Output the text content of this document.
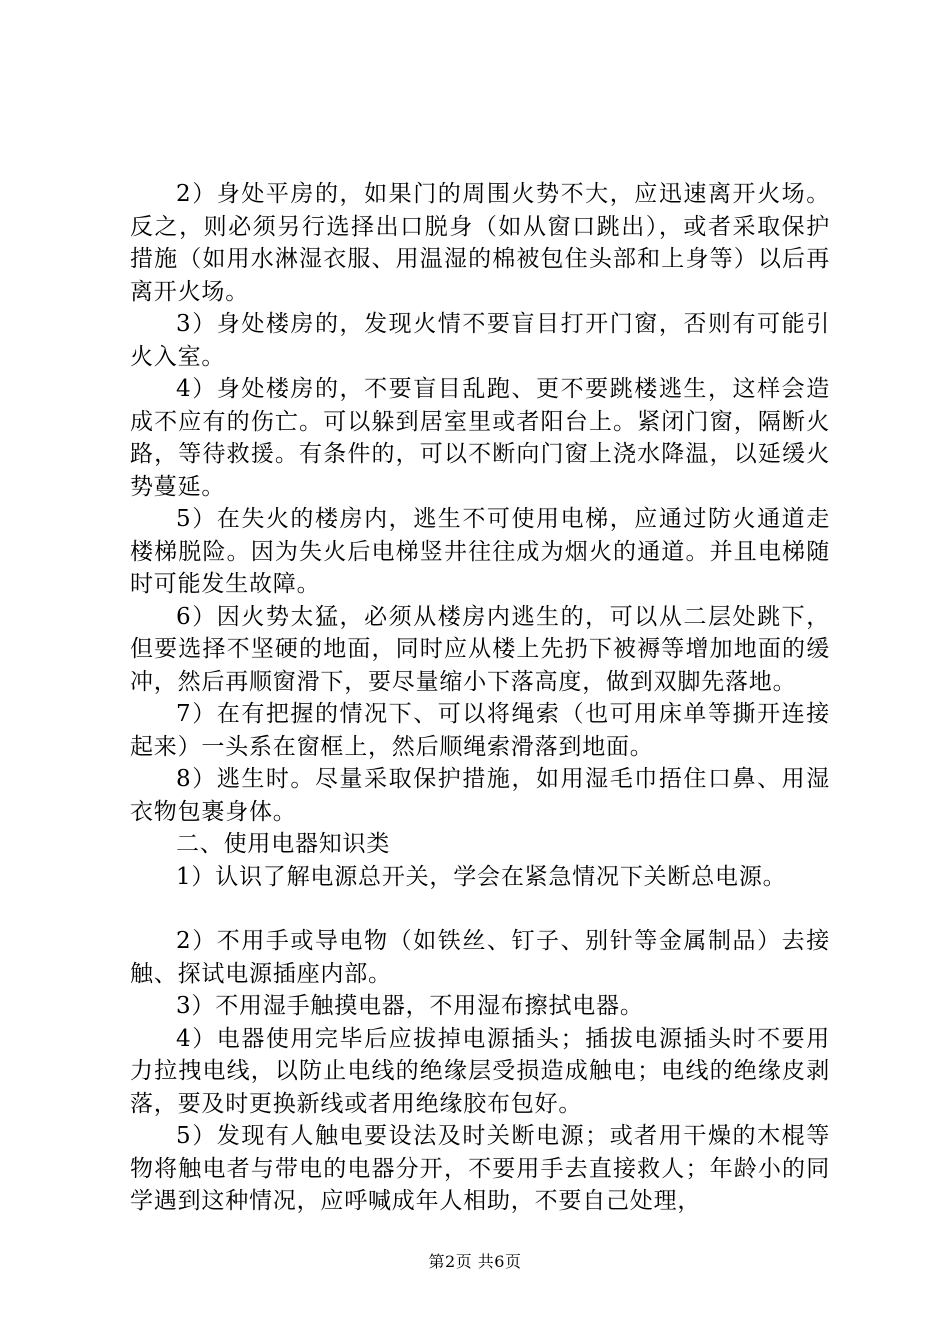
2）身处平房的，如果门的周围火势不大，应迅速离开火场。反之，则必须另行选择出口脱身（如从窗口跳出），或者采取保护措施（如用水淋湿衣服、用温湿的棉被包住头部和上身等）以后再离开火场。

3）身处楼房的，发现火情不要盲目打开门窗，否则有可能引火入室。

4）身处楼房的，不要盲目乱跑、更不要跳楼逃生，这样会造成不应有的伤亡。可以躲到居室里或者阳台上。紧闭门窗，隔断火路，等待救援。有条件的，可以不断向门窗上浇水降温，以延缓火势蔓延。

5）在失火的楼房内，逃生不可使用电梯，应通过防火通道走楼梯脱险。因为失火后电梯竖井往往成为烟火的通道。并且电梯随时可能发生故障。

6）因火势太猛，必须从楼房内逃生的，可以从二层处跳下，但要选择不坚硬的地面，同时应从楼上先扔下被褥等增加地面的缓冲，然后再顺窗滑下，要尽量缩小下落高度，做到双脚先落地。

7）在有把握的情况下、可以将绳索（也可用床单等撕开连接起来）一头系在窗框上，然后顺绳索滑落到地面。

8）逃生时。尽量采取保护措施，如用湿毛巾捂住口鼻、用湿衣物包裹身体。

二、使用电器知识类

1）认识了解电源总开关，学会在紧急情况下关断总电源。

2）不用手或导电物（如铁丝、钉子、别针等金属制品）去接触、探试电源插座内部。

3）不用湿手触摸电器，不用湿布擦拭电器。

4）电器使用完毕后应拔掉电源插头；插拔电源插头时不要用力拉拽电线，以防止电线的绝缘层受损造成触电；电线的绝缘皮剥落，要及时更换新线或者用绝缘胶布包好。

5）发现有人触电要设法及时关断电源；或者用干燥的木棍等物将触电者与带电的电器分开，不要用手去直接救人；年龄小的同学遇到这种情况，应呼喊成年人相助，不要自己处理，

第2页 共6页
